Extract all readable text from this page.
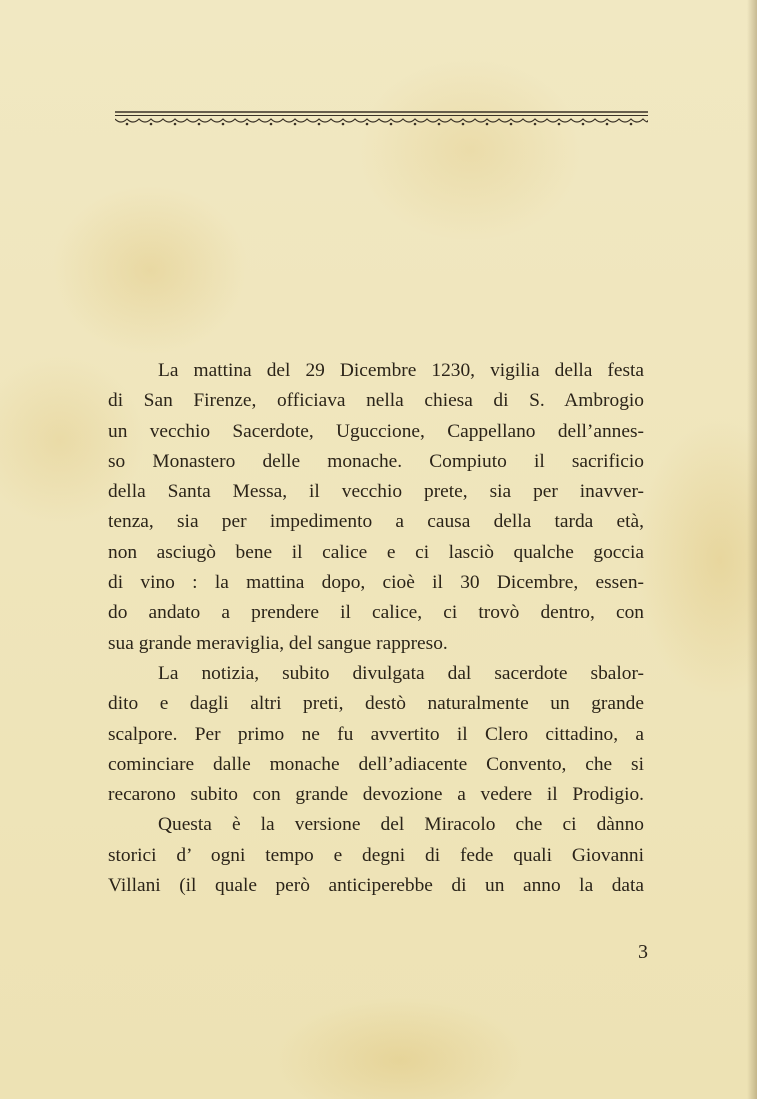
La mattina del 29 Dicembre 1230, vigilia della festa
di San Firenze, officiava nella chiesa di S. Ambrogio
un vecchio Sacerdote, Uguccione, Cappellano dell’annes-
so Monastero delle monache. Compiuto il sacrificio
della Santa Messa, il vecchio prete, sia per inavver-
tenza, sia per impedimento a causa della tarda età,
non asciugò bene il calice e ci lasciò qualche goccia
di vino : la mattina dopo, cioè il 30 Dicembre, essen-
do andato a prendere il calice, ci trovò dentro, con
sua grande meraviglia, del sangue rappreso.
La notizia, subito divulgata dal sacerdote sbalor-
dito e dagli altri preti, destò naturalmente un grande
scalpore. Per primo ne fu avvertito il Clero cittadino, a
cominciare dalle monache dell’adiacente Convento, che si
recarono subito con grande devozione a vedere il Prodigio.
Questa è la versione del Miracolo che ci dànno
storici d’ ogni tempo e degni di fede quali Giovanni
Villani (il quale però anticiperebbe di un anno la data
3
